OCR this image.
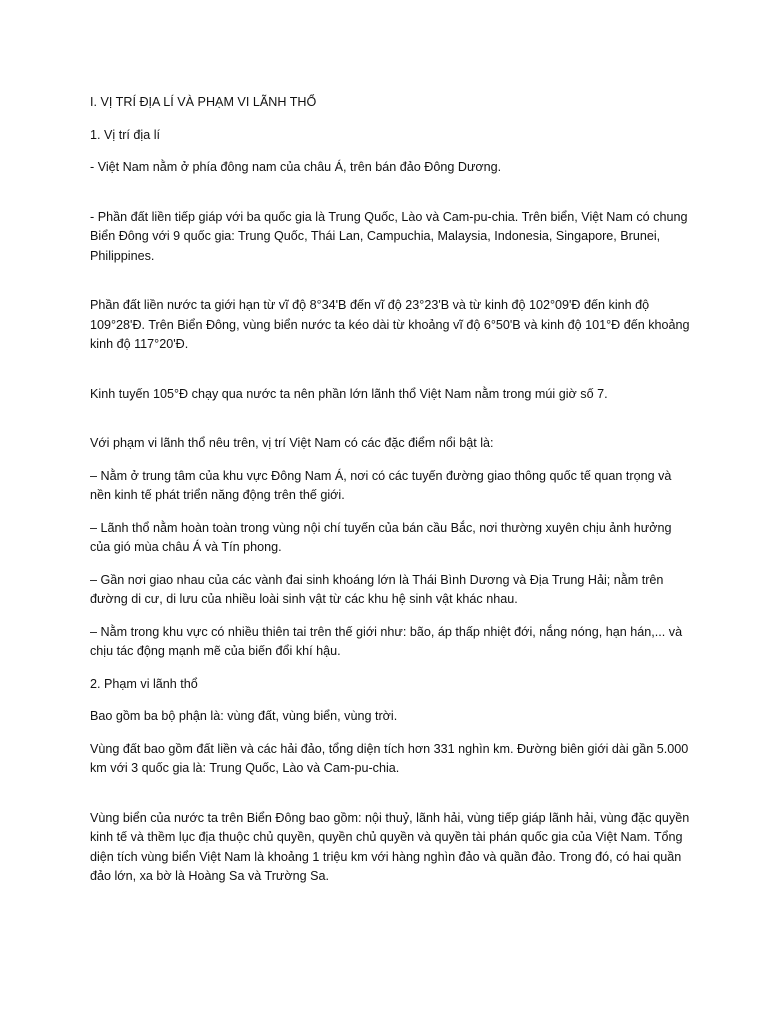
I. VỊ TRÍ ĐỊA LÍ VÀ PHẠM VI LÃNH THỔ

1. Vị trí địa lí

- Việt Nam nằm ở phía đông nam của châu Á, trên bán đảo Đông Dương.

- Phần đất liền tiếp giáp với ba quốc gia là Trung Quốc, Lào và Cam-pu-chia. Trên biển, Việt Nam có chung Biển Đông với 9 quốc gia: Trung Quốc, Thái Lan, Campuchia, Malaysia, Indonesia, Singapore, Brunei, Philippines.

Phần đất liền nước ta giới hạn từ vĩ độ 8°34'B đến vĩ độ 23°23'B và từ kinh độ 102°09'Đ đến kinh độ 109°28'Đ. Trên Biển Đông, vùng biển nước ta kéo dài từ khoảng vĩ độ 6°50'B và kinh độ 101°Đ đến khoảng kinh độ 117°20'Đ.

Kinh tuyến 105°Đ chạy qua nước ta nên phần lớn lãnh thổ Việt Nam nằm trong múi giờ số 7.

Với phạm vi lãnh thổ nêu trên, vị trí Việt Nam có các đặc điểm nổi bật là:

– Nằm ở trung tâm của khu vực Đông Nam Á, nơi có các tuyến đường giao thông quốc tế quan trọng và nền kinh tế phát triển năng động trên thế giới.

– Lãnh thổ nằm hoàn toàn trong vùng nội chí tuyến của bán cầu Bắc, nơi thường xuyên chịu ảnh hưởng của gió mùa châu Á và Tín phong.

– Gần nơi giao nhau của các vành đai sinh khoáng lớn là Thái Bình Dương và Địa Trung Hải; nằm trên đường di cư, di lưu của nhiều loài sinh vật từ các khu hệ sinh vật khác nhau.

– Nằm trong khu vực có nhiều thiên tai trên thế giới như: bão, áp thấp nhiệt đới, nắng nóng, hạn hán,... và chịu tác động mạnh mẽ của biến đổi khí hậu.

2. Phạm vi lãnh thổ

Bao gồm ba bộ phận là: vùng đất, vùng biển, vùng trời.

Vùng đất bao gồm đất liền và các hải đảo, tổng diện tích hơn 331 nghìn km. Đường biên giới dài gần 5.000 km với 3 quốc gia là: Trung Quốc, Lào và Cam-pu-chia.

Vùng biển của nước ta trên Biển Đông bao gồm: nội thuỷ, lãnh hải, vùng tiếp giáp lãnh hải, vùng đặc quyền kinh tế và thềm lục địa thuộc chủ quyền, quyền chủ quyền và quyền tài phán quốc gia của Việt Nam. Tổng diện tích vùng biển Việt Nam là khoảng 1 triệu km với hàng nghìn đảo và quần đảo. Trong đó, có hai quần đảo lớn, xa bờ là Hoàng Sa và Trường Sa.
